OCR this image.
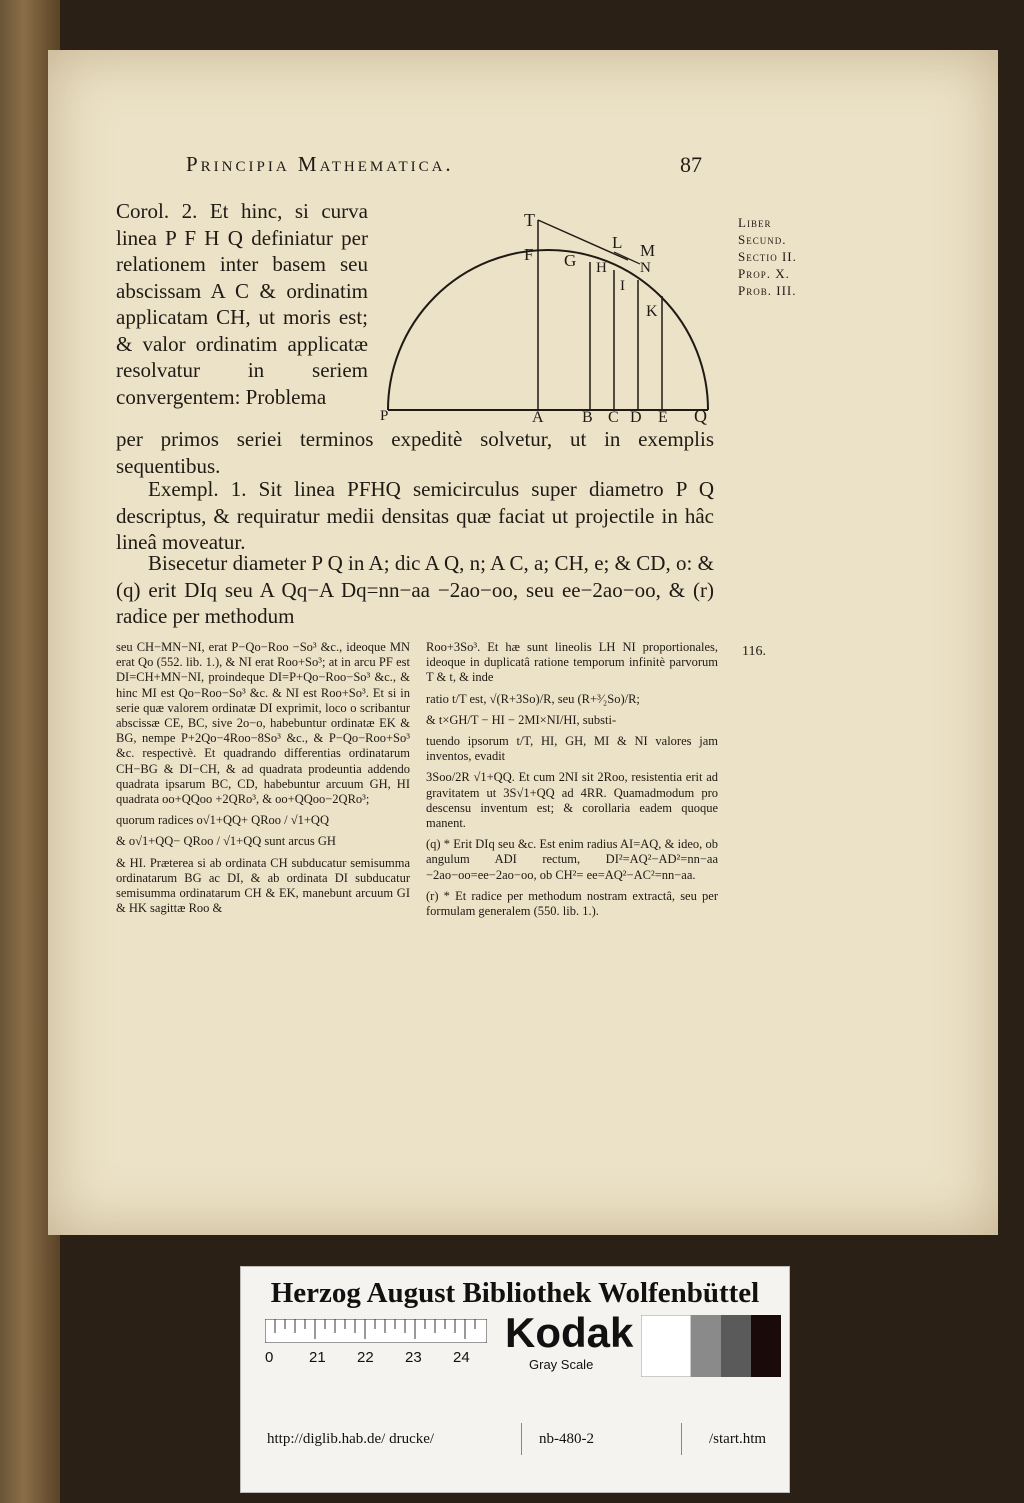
Principia Mathematica.	87
Liber
Secund.
Sectio II.
Prop. X.
Prob. III.
116.
Corol. 2. Et hinc, si curva linea P F H Q definiatur per relationem inter basem seu abscissam A C & ordinatim applicatam CH, ut moris est; & valor ordinatim applicatæ resolvatur in seriem convergentem: Problema
T
F G H
L M
N
I
K
P	A B C D E Q
per primos seriei terminos expeditè solvetur, ut in exemplis sequentibus.
Exempl. 1. Sit linea PFHQ semicirculus super diametro P Q descriptus, & requiratur medii densitas quæ faciat ut projectile in hâc lineâ moveatur.
Bisecetur diameter P Q in A; dic A Q, n; A C, a; CH, e; & CD, o: & (q) erit DIq seu A Qq−A Dq=nn−aa −2ao−oo, seu ee−2ao−oo, & (r) radice per methodum

seu CH−MN−NI, erat P−Qo−Roo −So³ &c., ideoque MN erat Qo (552. lib. 1.), & NI erat Roo+So³; at in arcu PF est DI=CH+MN−NI, proindeque DI=P+Qo−Roo−So³ &c., & hinc MI est Qo−Roo−So³ &c. & NI est Roo+So³. Et si in serie quæ valorem ordinatæ DI exprimit, loco o scribantur abscissæ CE, BC, sive 2o−o, habebuntur ordinatæ EK & BG, nempe P+2Qo−4Roo−8So³ &c., & P−Qo−Roo+So³ &c. respectivè. Et quadrando differentias ordinatarum CH−BG & DI−CH, & ad quadrata prodeuntia addendo quadrata ipsarum BC, CD, habebuntur arcuum GH, HI quadrata oo+QQoo +2QRo³, & oo+QQoo−2QRo³;

quorum radices o√1+QQ+ QRoo / √1+QQ

& o√1+QQ− QRoo / √1+QQ sunt arcus GH

& HI. Præterea si ab ordinata CH subducatur semisumma ordinatarum BG ac DI, & ab ordinata DI subducatur semisumma ordinatarum CH & EK, manebunt arcuum GI & HK sagittæ Roo &

Roo+3So³. Et hæ sunt lineolis LH NI proportionales, ideoque in duplicatâ ratione temporum infinitè parvorum T & t, & inde

ratio t/T est, √(R+3So)/R, seu (R+³⁄₂So)/R;

& t×GH/T − HI − 2MI×NI/HI, substi-

tuendo ipsorum t/T, HI, GH, MI & NI valores jam inventos, evadit

3Soo/2R √1+QQ. Et cum 2NI sit 2Roo, resistentia erit ad gravitatem ut 3S√1+QQ ad 4RR. Quamadmodum pro descensu inventum est; & corollaria eadem quoque manent.

(q) * Erit DIq seu &c. Est enim radius AI=AQ, & ideo, ob angulum ADI rectum, DI²=AQ²−AD²=nn−aa −2ao−oo=ee−2ao−oo, ob CH²= ee=AQ²−AC²=nn−aa.

(r) * Et radice per methodum nostram extractâ, seu per formulam generalem (550. lib. 1.).

Herzog August Bibliothek Wolfenbüttel
0 21 22 23 24
Kodak
Gray Scale
http://diglib.hab.de/ drucke/	nb-480-2	/start.htm
